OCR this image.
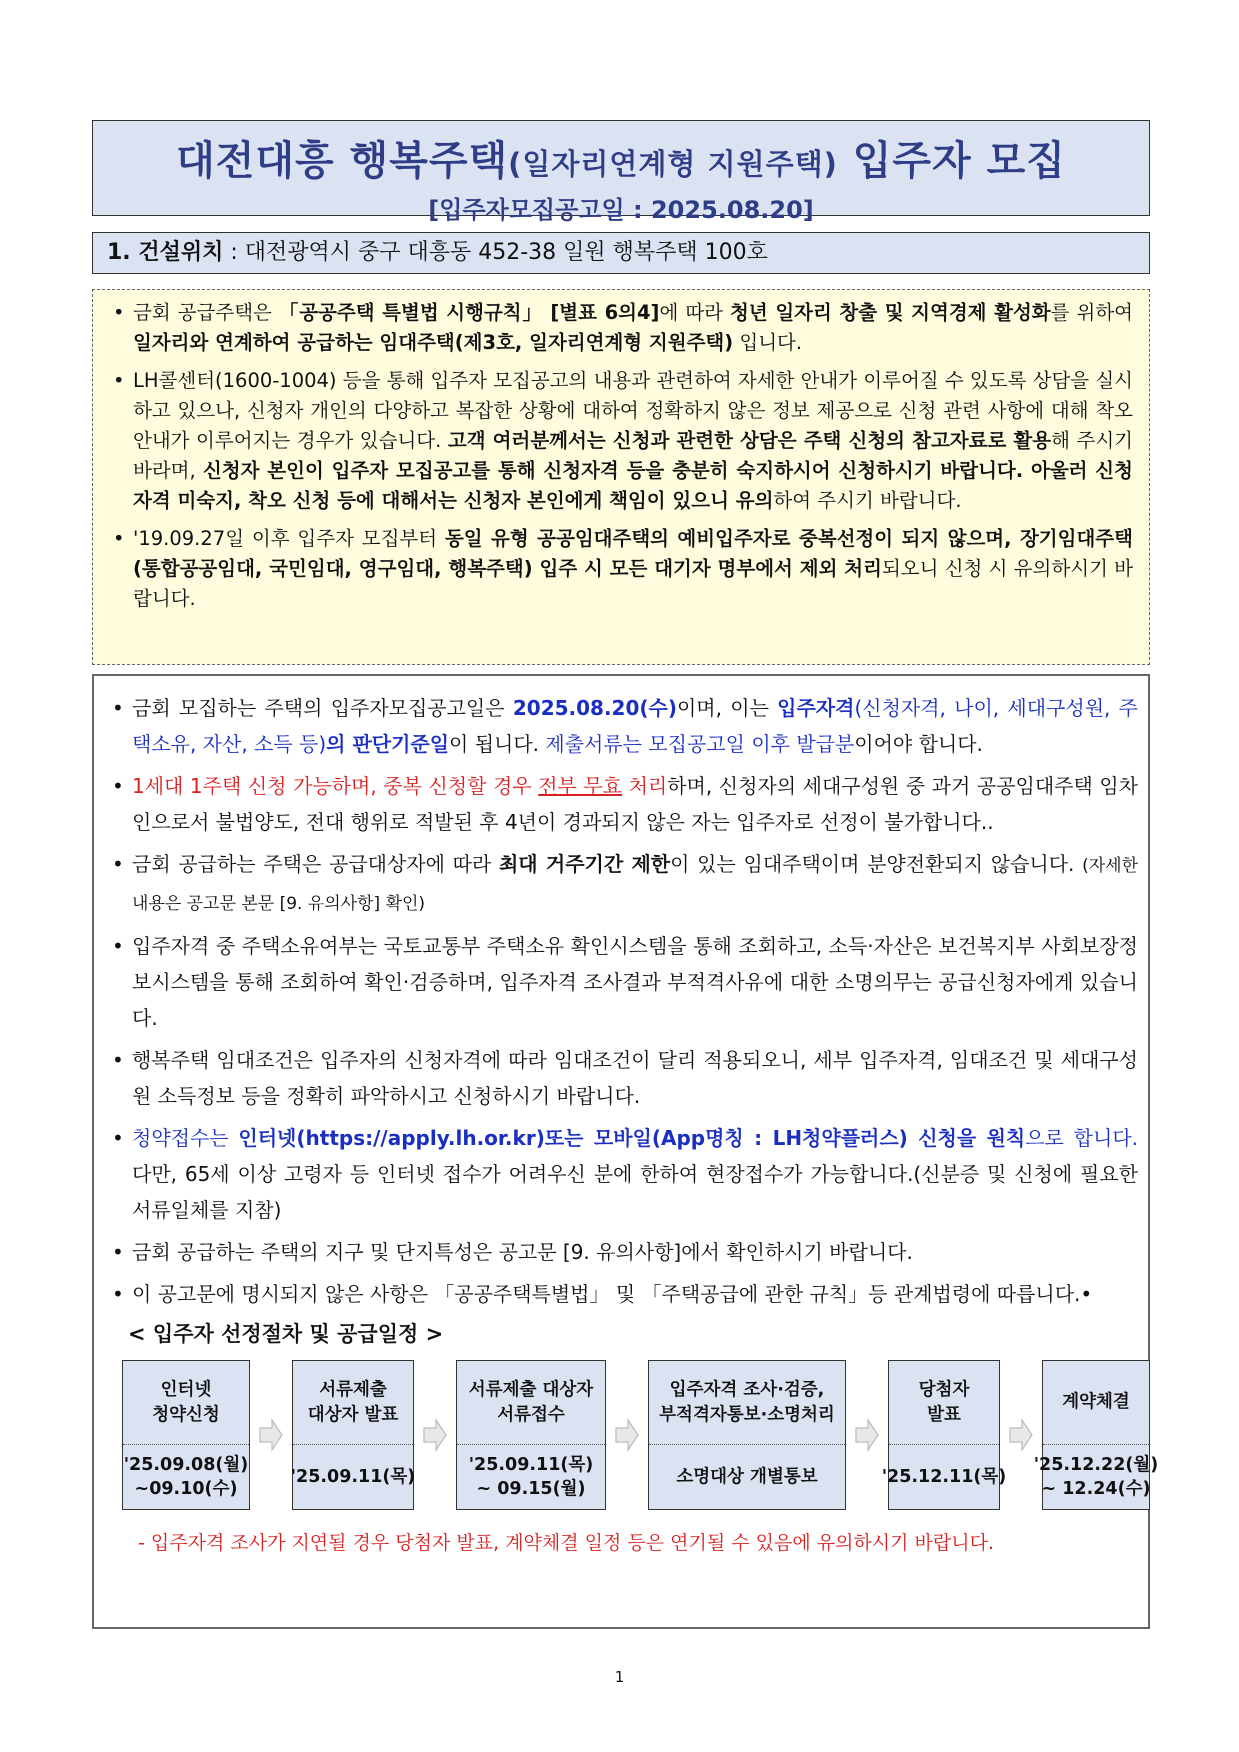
대전대흥 행복주택(일자리연계형 지원주택) 입주자 모집
[입주자모집공고일 : 2025.08.20]
1. 건설위치 : 대전광역시 중구 대흥동 452-38 일원 행복주택 100호
• 금회 공급주택은 「공공주택 특별법 시행규칙」 [별표 6의4]에 따라 청년 일자리 창출 및 지역경제 활성화를 위하여 일자리와 연계하여 공급하는 임대주택(제3호, 일자리연계형 지원주택) 입니다.
• LH콜센터(1600-1004) 등을 통해 입주자 모집공고의 내용과 관련하여 자세한 안내가 이루어질 수 있도록 상담을 실시하고 있으나, 신청자 개인의 다양하고 복잡한 상황에 대하여 정확하지 않은 정보 제공으로 신청 관련 사항에 대해 착오 안내가 이루어지는 경우가 있습니다. 고객 여러분께서는 신청과 관련한 상담은 주택 신청의 참고자료로 활용해 주시기 바라며, 신청자 본인이 입주자 모집공고를 통해 신청자격 등을 충분히 숙지하시어 신청하시기 바랍니다. 아울러 신청자격 미숙지, 착오 신청 등에 대해서는 신청자 본인에게 책임이 있으니 유의하여 주시기 바랍니다.
• '19.09.27일 이후 입주자 모집부터 동일 유형 공공임대주택의 예비입주자로 중복선정이 되지 않으며, 장기임대주택(통합공공임대, 국민임대, 영구임대, 행복주택) 입주 시 모든 대기자 명부에서 제외 처리되오니 신청 시 유의하시기 바랍니다.
• 금회 모집하는 주택의 입주자모집공고일은 2025.08.20(수)이며, 이는 입주자격(신청자격, 나이, 세대구성원, 주택소유, 자산, 소득 등)의 판단기준일이 됩니다. 제출서류는 모집공고일 이후 발급분이어야 합니다.
• 1세대 1주택 신청 가능하며, 중복 신청할 경우 전부 무효 처리하며, 신청자의 세대구성원 중 과거 공공임대주택 임차인으로서 불법양도, 전대 행위로 적발된 후 4년이 경과되지 않은 자는 입주자로 선정이 불가합니다..
• 금회 공급하는 주택은 공급대상자에 따라 최대 거주기간 제한이 있는 임대주택이며 분양전환되지 않습니다. (자세한 내용은 공고문 본문 [9. 유의사항] 확인)
• 입주자격 중 주택소유여부는 국토교통부 주택소유 확인시스템을 통해 조회하고, 소득·자산은 보건복지부 사회보장정보시스템을 통해 조회하여 확인·검증하며, 입주자격 조사결과 부적격사유에 대한 소명의무는 공급신청자에게 있습니다.
• 행복주택 임대조건은 입주자의 신청자격에 따라 임대조건이 달리 적용되오니, 세부 입주자격, 임대조건 및 세대구성원 소득정보 등을 정확히 파악하시고 신청하시기 바랍니다.
• 청약접수는 인터넷(https://apply.lh.or.kr)또는 모바일(App명칭 : LH청약플러스) 신청을 원칙으로 합니다. 다만, 65세 이상 고령자 등 인터넷 접수가 어려우신 분에 한하여 현장접수가 가능합니다.(신분증 및 신청에 필요한 서류일체를 지참)
• 금회 공급하는 주택의 지구 및 단지특성은 공고문 [9. 유의사항]에서 확인하시기 바랍니다.
• 이 공고문에 명시되지 않은 사항은 「공공주택특별법」 및 「주택공급에 관한 규칙」등 관계법령에 따릅니다.•
< 입주자 선정절차 및 공급일정 >
인터넷
청약신청
'25.09.08(월)
~09.10(수)
서류제출
대상자 발표
'25.09.11(목)
서류제출 대상자
서류접수
'25.09.11(목)
~ 09.15(월)
입주자격 조사·검증,
부적격자통보·소명처리
소명대상 개별통보
당첨자
발표
'25.12.11(목)
계약체결
'25.12.22(월)
~ 12.24(수)
- 입주자격 조사가 지연될 경우 당첨자 발표, 계약체결 일정 등은 연기될 수 있음에 유의하시기 바랍니다.
1
